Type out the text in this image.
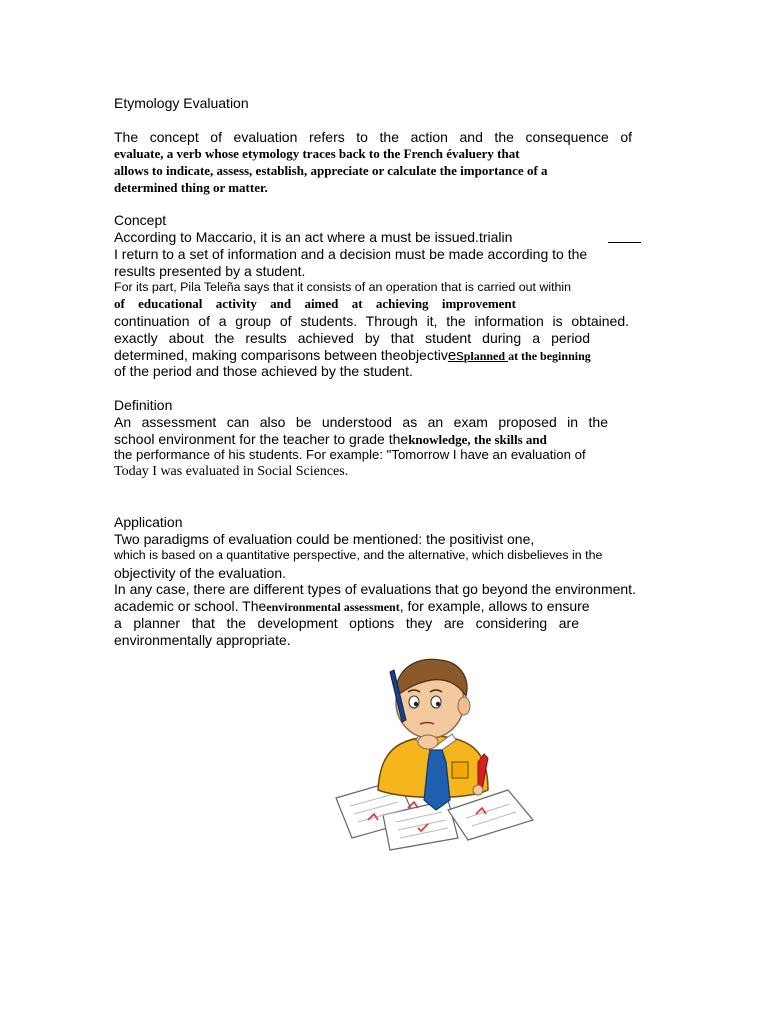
Etymology Evaluation
The concept of evaluation refers to the action and the consequence of
evaluate, a verb whose etymology traces back to the French évaluery that
allows to indicate, assess, establish, appreciate or calculate the importance of a
determined thing or matter.
Concept
According to Maccario, it is an act where a must be issued.trialin
I return to a set of information and a decision must be made according to the
results presented by a student.
For its part, Pila Teleña says that it consists of an operation that is carried out within
of educational activity and aimed at achieving improvement
continuation of a group of students. Through it, the information is obtained.
exactly about the results achieved by that student during a period
determined, making comparisons between theobjectivesplanned at the beginning
of the period and those achieved by the student.
Definition
An assessment can also be understood as an exam proposed in the
school environment for the teacher to grade theknowledge, the skills and
the performance of his students. For example: "Tomorrow I have an evaluation of
Today I was evaluated in Social Sciences.
Application
Two paradigms of evaluation could be mentioned: the positivist one,
which is based on a quantitative perspective, and the alternative, which disbelieves in the
objectivity of the evaluation.
In any case, there are different types of evaluations that go beyond the environment.
academic or school. Theenvironmental assessment, for example, allows to ensure
a planner that the development options they are considering are
environmentally appropriate.
